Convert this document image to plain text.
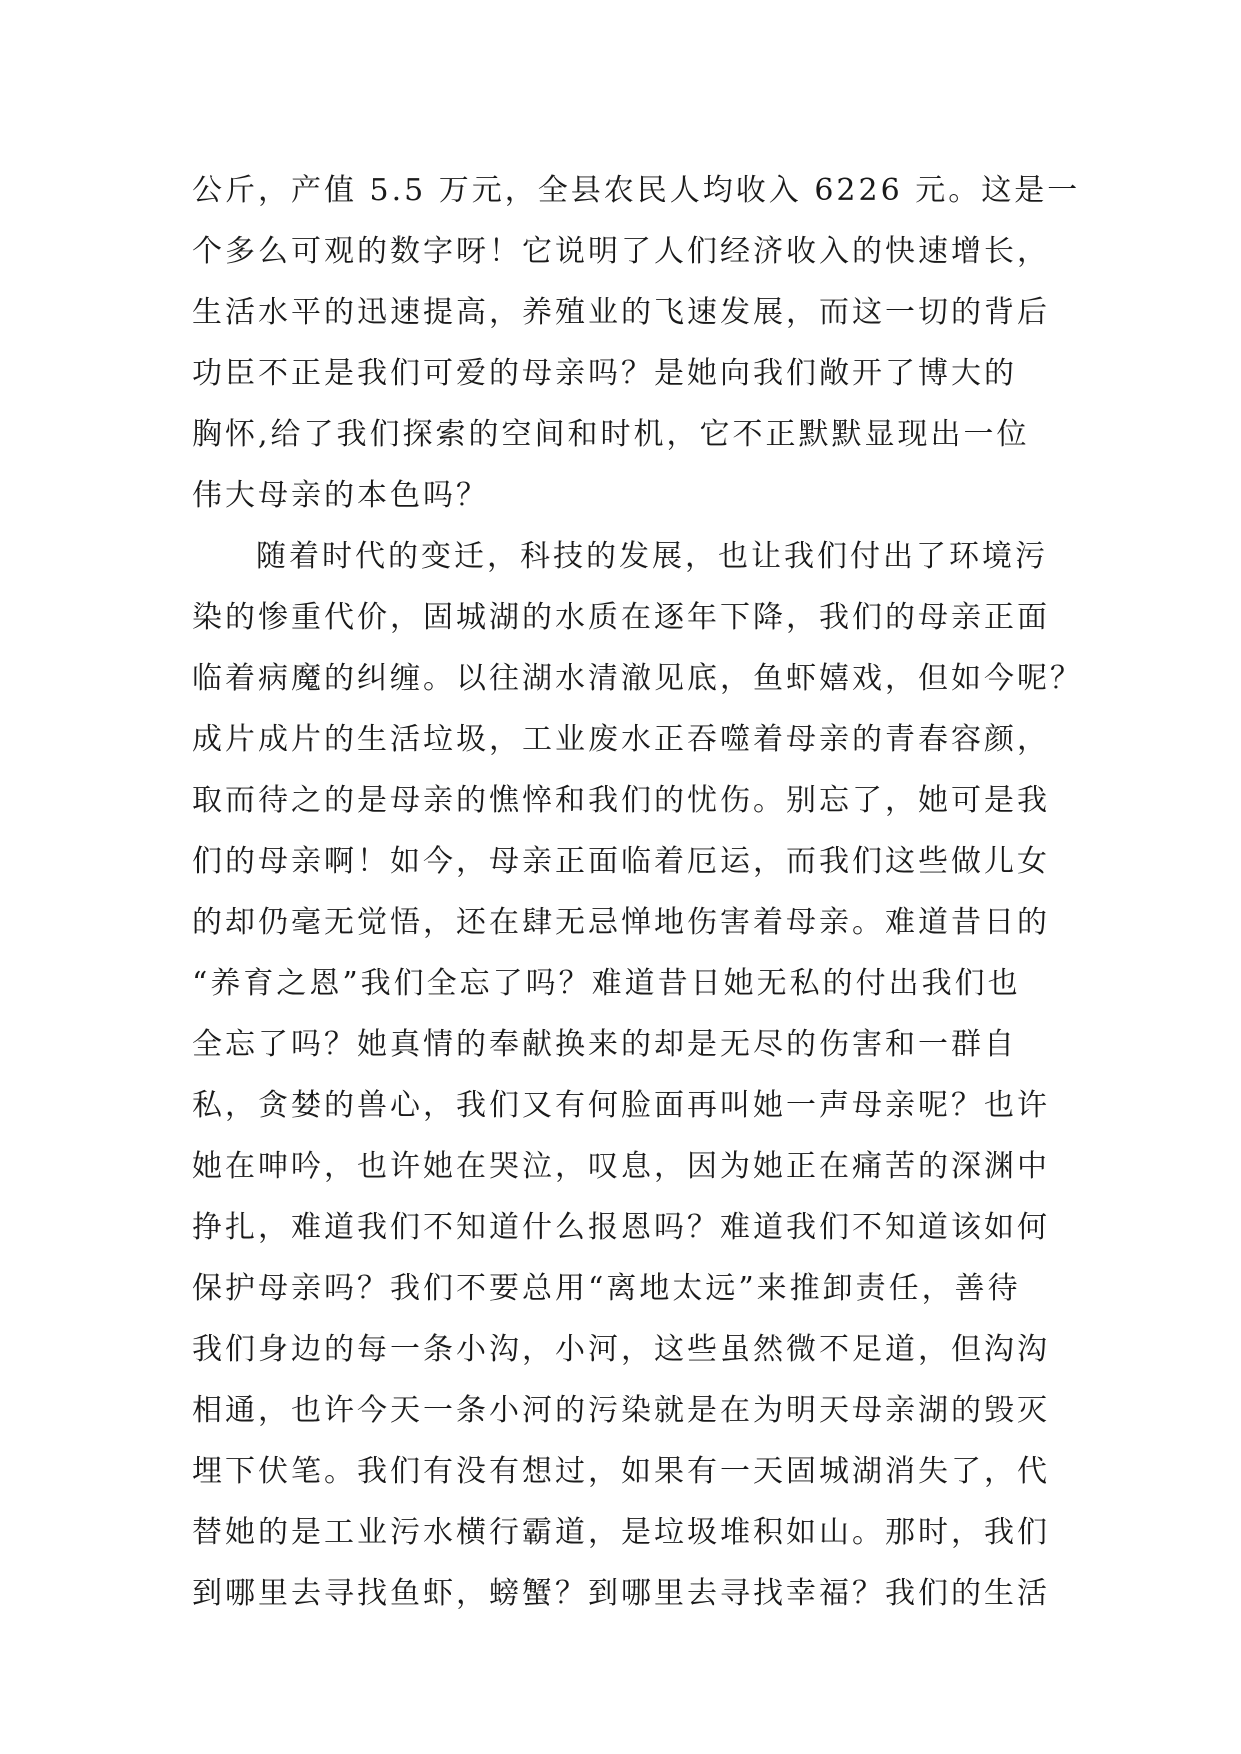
公斤，产值 5.5 万元，全县农民人均收入 6226 元。这是一
个多么可观的数字呀！它说明了人们经济收入的快速增长，
生活水平的迅速提高，养殖业的飞速发展，而这一切的背后
功臣不正是我们可爱的母亲吗？是她向我们敞开了博大的
胸怀,给了我们探索的空间和时机，它不正默默显现出一位
伟大母亲的本色吗？
随着时代的变迁，科技的发展，也让我们付出了环境污
染的惨重代价，固城湖的水质在逐年下降，我们的母亲正面
临着病魔的纠缠。以往湖水清澈见底，鱼虾嬉戏，但如今呢？
成片成片的生活垃圾，工业废水正吞噬着母亲的青春容颜，
取而待之的是母亲的憔悴和我们的忧伤。别忘了，她可是我
们的母亲啊！如今，母亲正面临着厄运，而我们这些做儿女
的却仍毫无觉悟，还在肆无忌惮地伤害着母亲。难道昔日的
“养育之恩”我们全忘了吗？难道昔日她无私的付出我们也
全忘了吗？她真情的奉献换来的却是无尽的伤害和一群自
私，贪婪的兽心，我们又有何脸面再叫她一声母亲呢？也许
她在呻吟，也许她在哭泣，叹息，因为她正在痛苦的深渊中
挣扎，难道我们不知道什么报恩吗？难道我们不知道该如何
保护母亲吗？我们不要总用“离地太远”来推卸责任，善待
我们身边的每一条小沟，小河，这些虽然微不足道，但沟沟
相通，也许今天一条小河的污染就是在为明天母亲湖的毁灭
埋下伏笔。我们有没有想过，如果有一天固城湖消失了，代
替她的是工业污水横行霸道，是垃圾堆积如山。那时，我们
到哪里去寻找鱼虾，螃蟹？到哪里去寻找幸福？我们的生活
